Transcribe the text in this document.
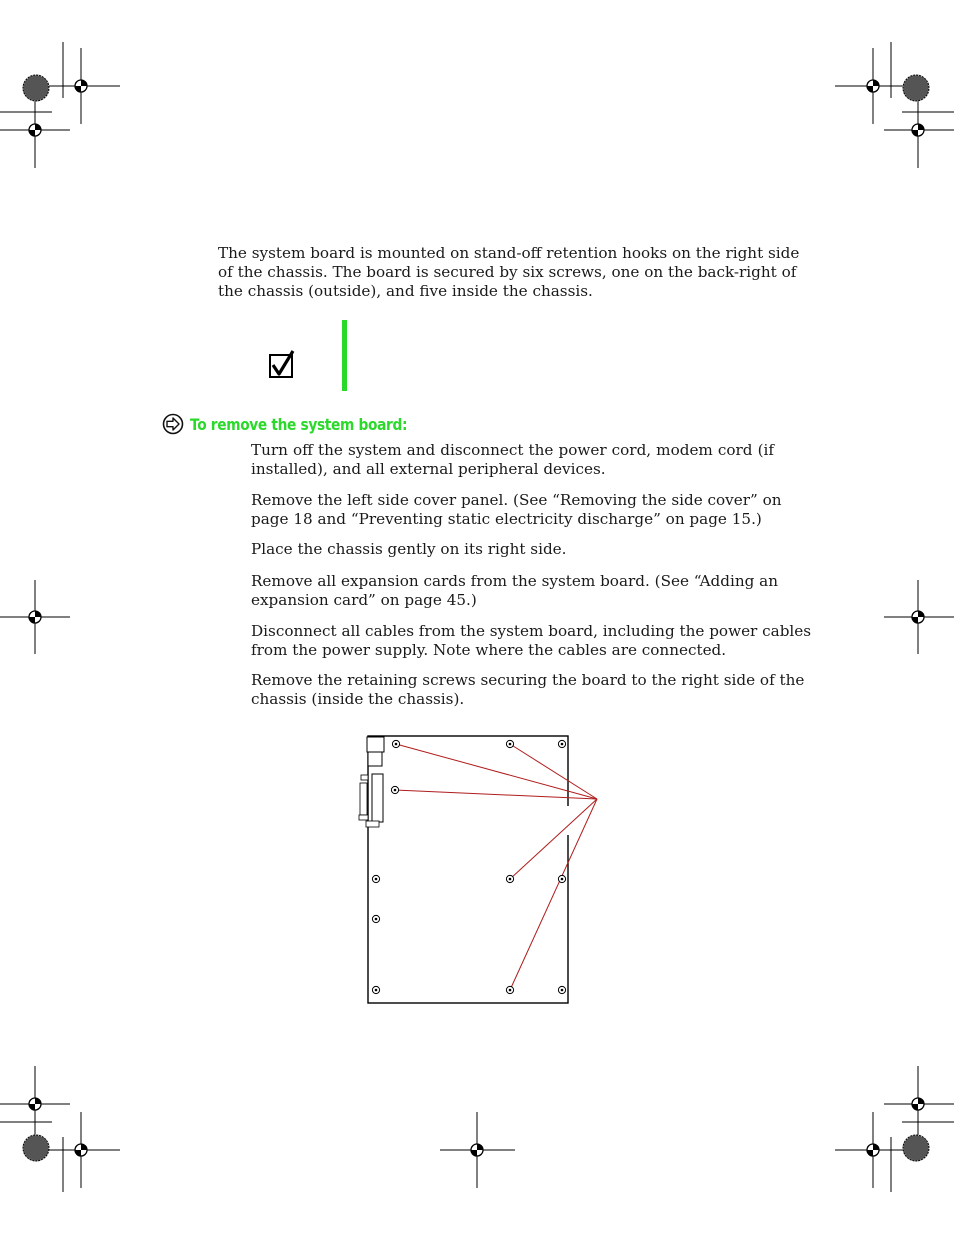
The system board is mounted on stand-off retention hooks on the right side
of the chassis. The board is secured by six screws, one on the back-right of
the chassis (outside), and five inside the chassis.
To remove the system board:
Turn off the system and disconnect the power cord, modem cord (if
installed), and all external peripheral devices.
Remove the left side cover panel. (See “Removing the side cover” on
page 18 and “Preventing static electricity discharge” on page 15.)
Place the chassis gently on its right side.
Remove all expansion cards from the system board. (See “Adding an
expansion card” on page 45.)
Disconnect all cables from the system board, including the power cables
from the power supply. Note where the cables are connected.
Remove the retaining screws securing the board to the right side of the
chassis (inside the chassis).
